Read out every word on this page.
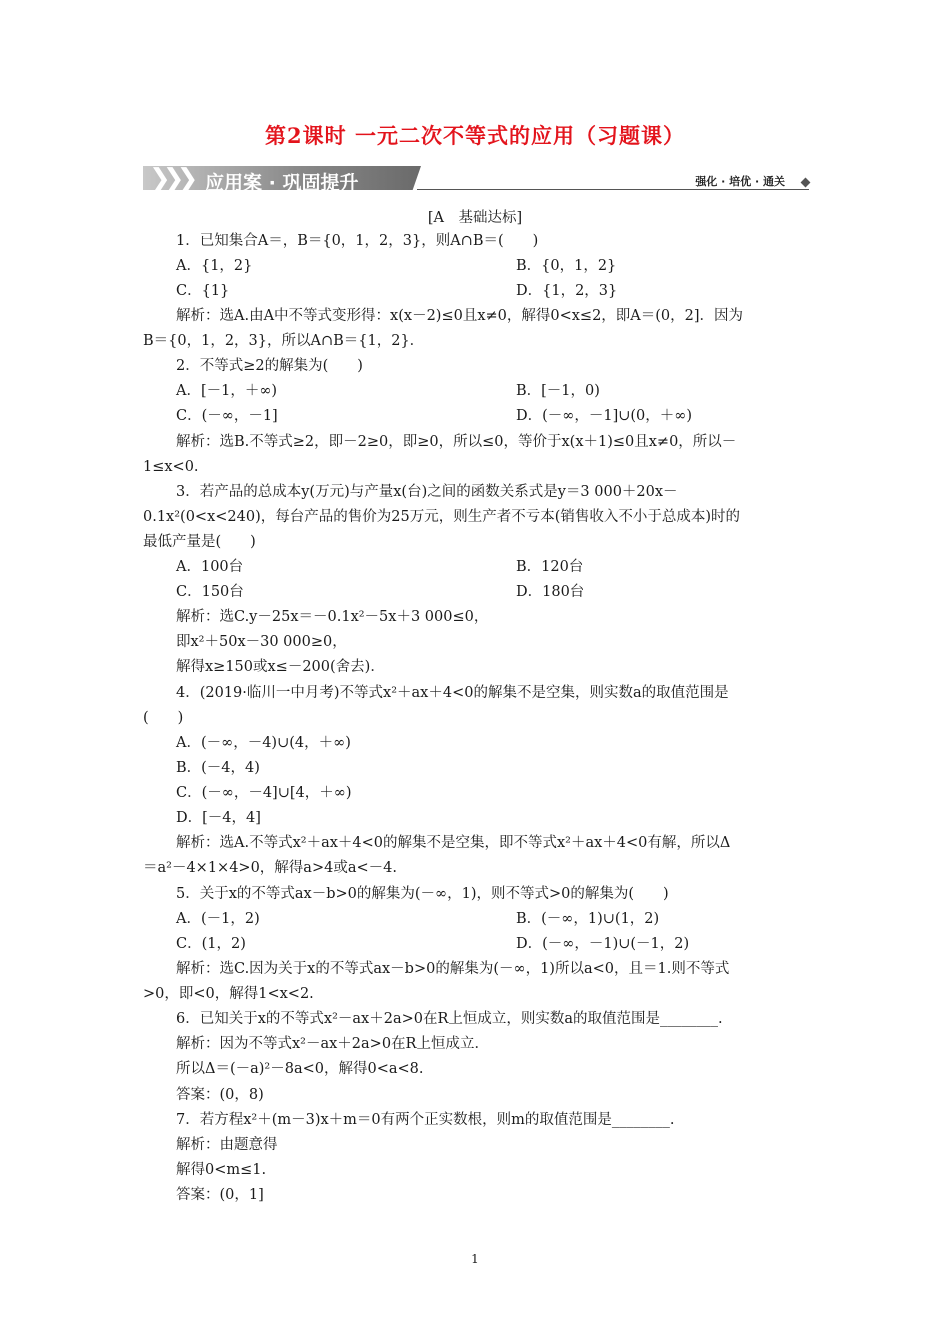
第2课时 一元二次不等式的应用（习题课）
❯❯❯ 应用案 · 巩固提升	强化 · 培优 · 通关
[A　基础达标]
1．已知集合A＝，B＝{0，1，2，3}，则A∩B＝(　　)
A．{1，2}	B．{0，1，2}
C．{1}	D．{1，2，3}
解析：选A.由A中不等式变形得：x(x－2)≤0且x≠0，解得0<x≤2，即A＝(0，2]．因为
B＝{0，1，2，3}，所以A∩B＝{1，2}．
2．不等式≥2的解集为(　　)
A．[－1，＋∞)	B．[－1，0)
C．(－∞，－1]	D．(－∞，－1]∪(0，＋∞)
解析：选B.不等式≥2，即－2≥0，即≥0，所以≤0，等价于x(x＋1)≤0且x≠0，所以－
1≤x<0.
3．若产品的总成本y(万元)与产量x(台)之间的函数关系式是y＝3 000＋20x－
0.1x²(0<x<240)，每台产品的售价为25万元，则生产者不亏本(销售收入不小于总成本)时的
最低产量是(　　)
A．100台	B．120台
C．150台	D．180台
解析：选C.y－25x＝－0.1x²－5x＋3 000≤0，
即x²＋50x－30 000≥0，
解得x≥150或x≤－200(舍去)．
4．(2019·临川一中月考)不等式x²＋ax＋4<0的解集不是空集，则实数a的取值范围是
(　　)
A．(－∞，－4)∪(4，＋∞)
B．(－4，4)
C．(－∞，－4]∪[4，＋∞)
D．[－4，4]
解析：选A.不等式x²＋ax＋4<0的解集不是空集，即不等式x²＋ax＋4<0有解，所以Δ
＝a²－4×1×4>0，解得a>4或a<－4.
5．关于x的不等式ax－b>0的解集为(－∞，1)，则不等式>0的解集为(　　)
A．(－1，2)	B．(－∞，1)∪(1，2)
C．(1，2)	D．(－∞，－1)∪(－1，2)
解析：选C.因为关于x的不等式ax－b>0的解集为(－∞，1)所以a<0，且＝1.则不等式
>0，即<0，解得1<x<2.
6．已知关于x的不等式x²－ax＋2a>0在R上恒成立，则实数a的取值范围是________.
解析：因为不等式x²－ax＋2a>0在R上恒成立．
所以Δ＝(－a)²－8a<0，解得0<a<8.
答案：(0，8)
7．若方程x²＋(m－3)x＋m＝0有两个正实数根，则m的取值范围是________.
解析：由题意得
解得0<m≤1.
答案：(0，1]
1
